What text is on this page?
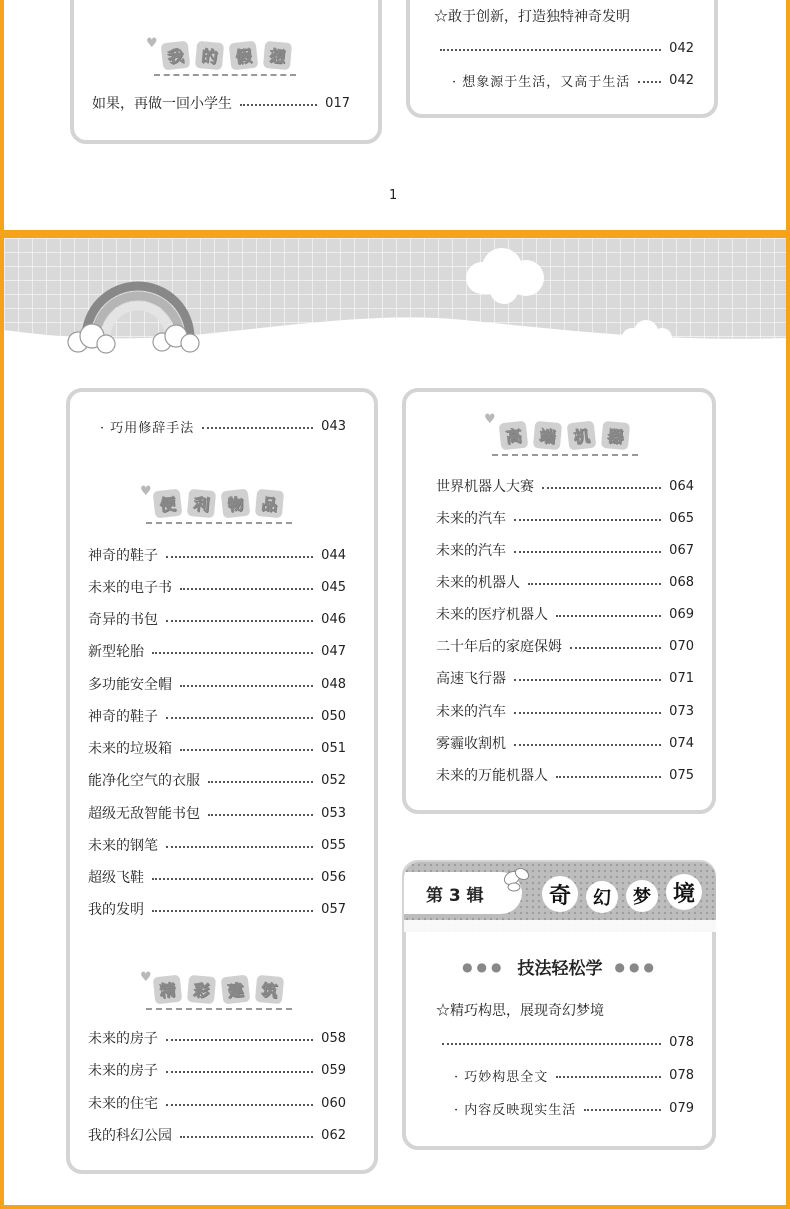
☆敢于创新，打造独特神奇发明
042
· 想象源于生活，又高于生活	042
♥
我	的	假	想
如果，再做一回小学生	017
1
· 巧用修辞手法	043
♥
便	利	物	品
神奇的鞋子	044
未来的电子书	045
奇异的书包	046
新型轮胎	047
多功能安全帽	048
神奇的鞋子	050
未来的垃圾箱	051
能净化空气的衣服	052
超级无敌智能书包	053
未来的钢笔	055
超级飞鞋	056
我的发明	057
♥
精	彩	建	筑
未来的房子	058
未来的房子	059
未来的住宅	060
我的科幻公园	062
♥
高	端	机	器
世界机器人大赛	064
未来的汽车	065
未来的汽车	067
未来的机器人	068
未来的医疗机器人	069
二十年后的家庭保姆	070
高速飞行器	071
未来的汽车	073
雾霾收割机	074
未来的万能机器人	075
第 3 辑	奇	幻	梦 境
●●● 技法轻松学 ●●●
☆精巧构思，展现奇幻梦境
078
· 巧妙构思全文	078
· 内容反映现实生活	079
